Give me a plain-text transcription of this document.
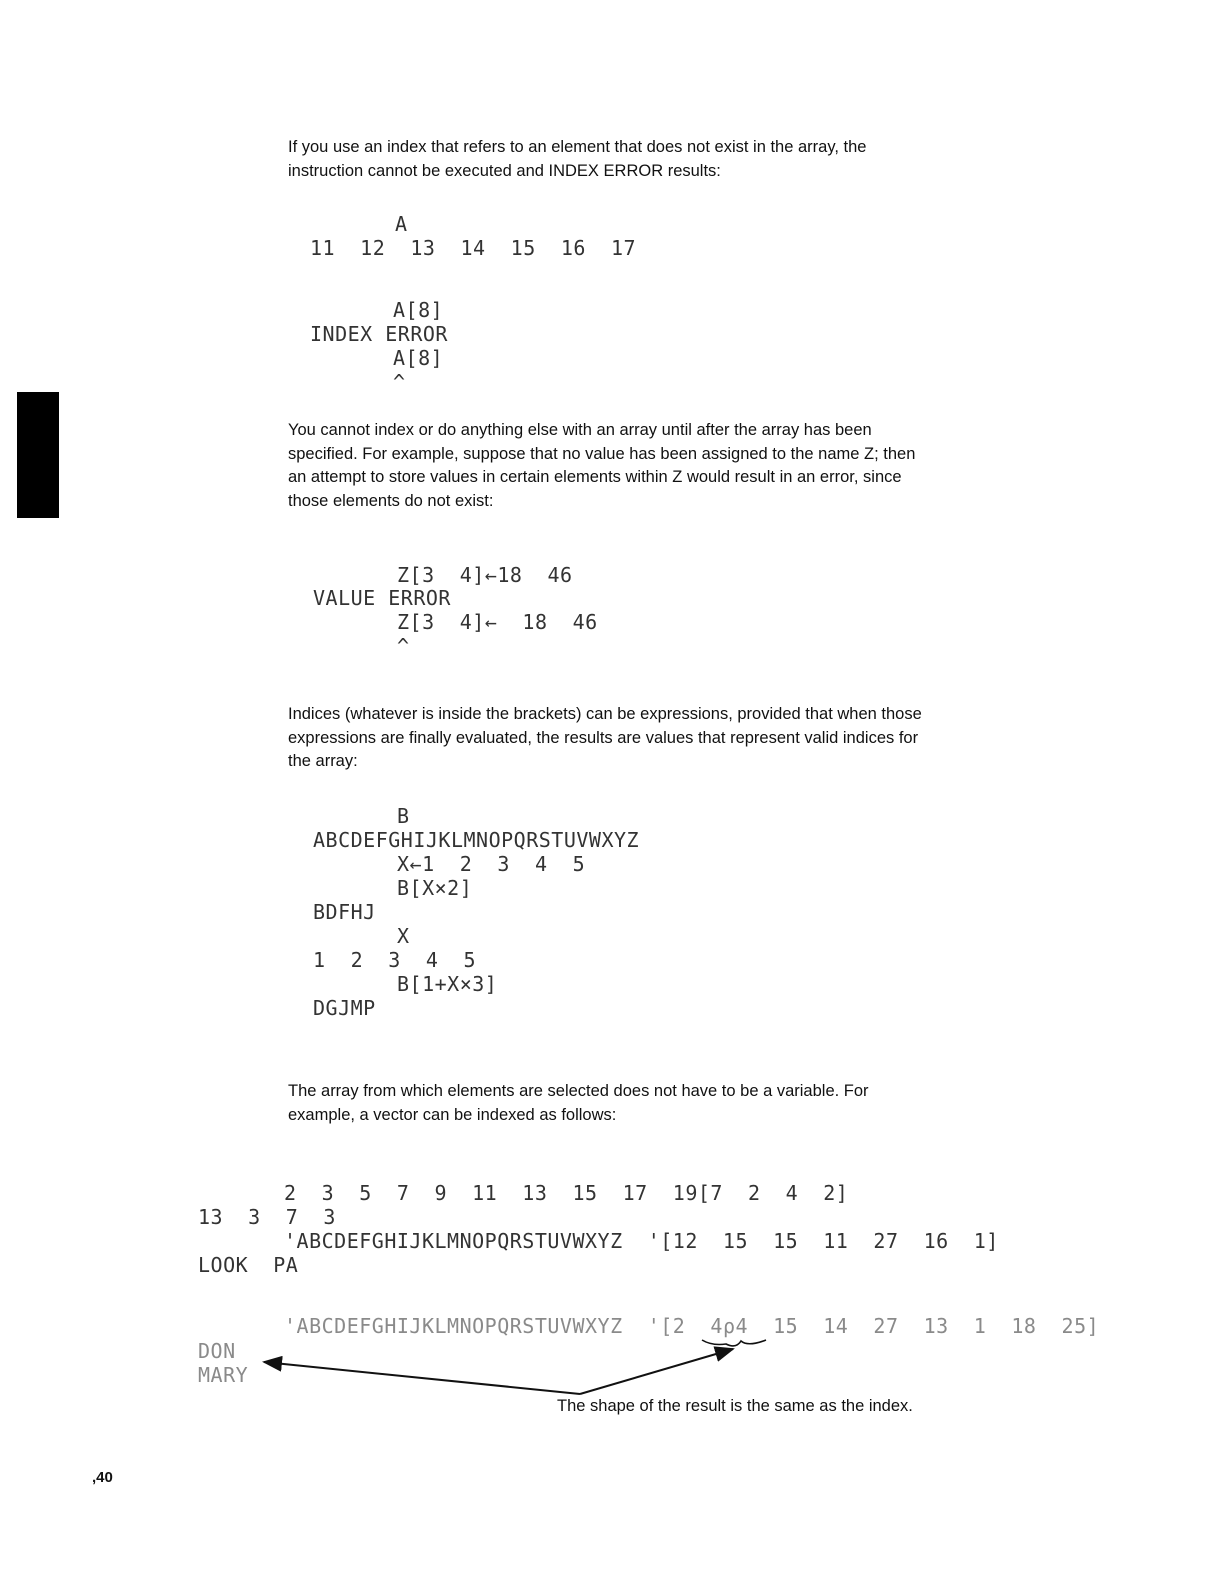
If you use an index that refers to an element that does not exist in the array, the instruction cannot be executed and INDEX ERROR results:

A
11  12  13  14  15  16  17
A[8]
INDEX ERROR
A[8]
^

You cannot index or do anything else with an array until after the array has been specified. For example, suppose that no value has been assigned to the name Z; then an attempt to store values in certain elements within Z would result in an error, since those elements do not exist:

Z[3  4]←18  46
VALUE ERROR
Z[3  4]←  18  46
^

Indices (whatever is inside the brackets) can be expressions, provided that when those expressions are finally evaluated, the results are values that represent valid indices for the array:

B
ABCDEFGHIJKLMNOPQRSTUVWXYZ
X←1  2  3  4  5
B[X×2]
BDFHJ
X
1  2  3  4  5
B[1+X×3]
DGJMP

The array from which elements are selected does not have to be a variable. For example, a vector can be indexed as follows:

2  3  5  7  9  11  13  15  17  19[7  2  4  2]
13  3  7  3
'ABCDEFGHIJKLMNOPQRSTUVWXYZ  '[12  15  15  11  27  16  1]
LOOK  PA
'ABCDEFGHIJKLMNOPQRSTUVWXYZ  '[2  4⍴4  15  14  27  13  1  18  25]
DON
MARY
The shape of the result is the same as the index.
,40
